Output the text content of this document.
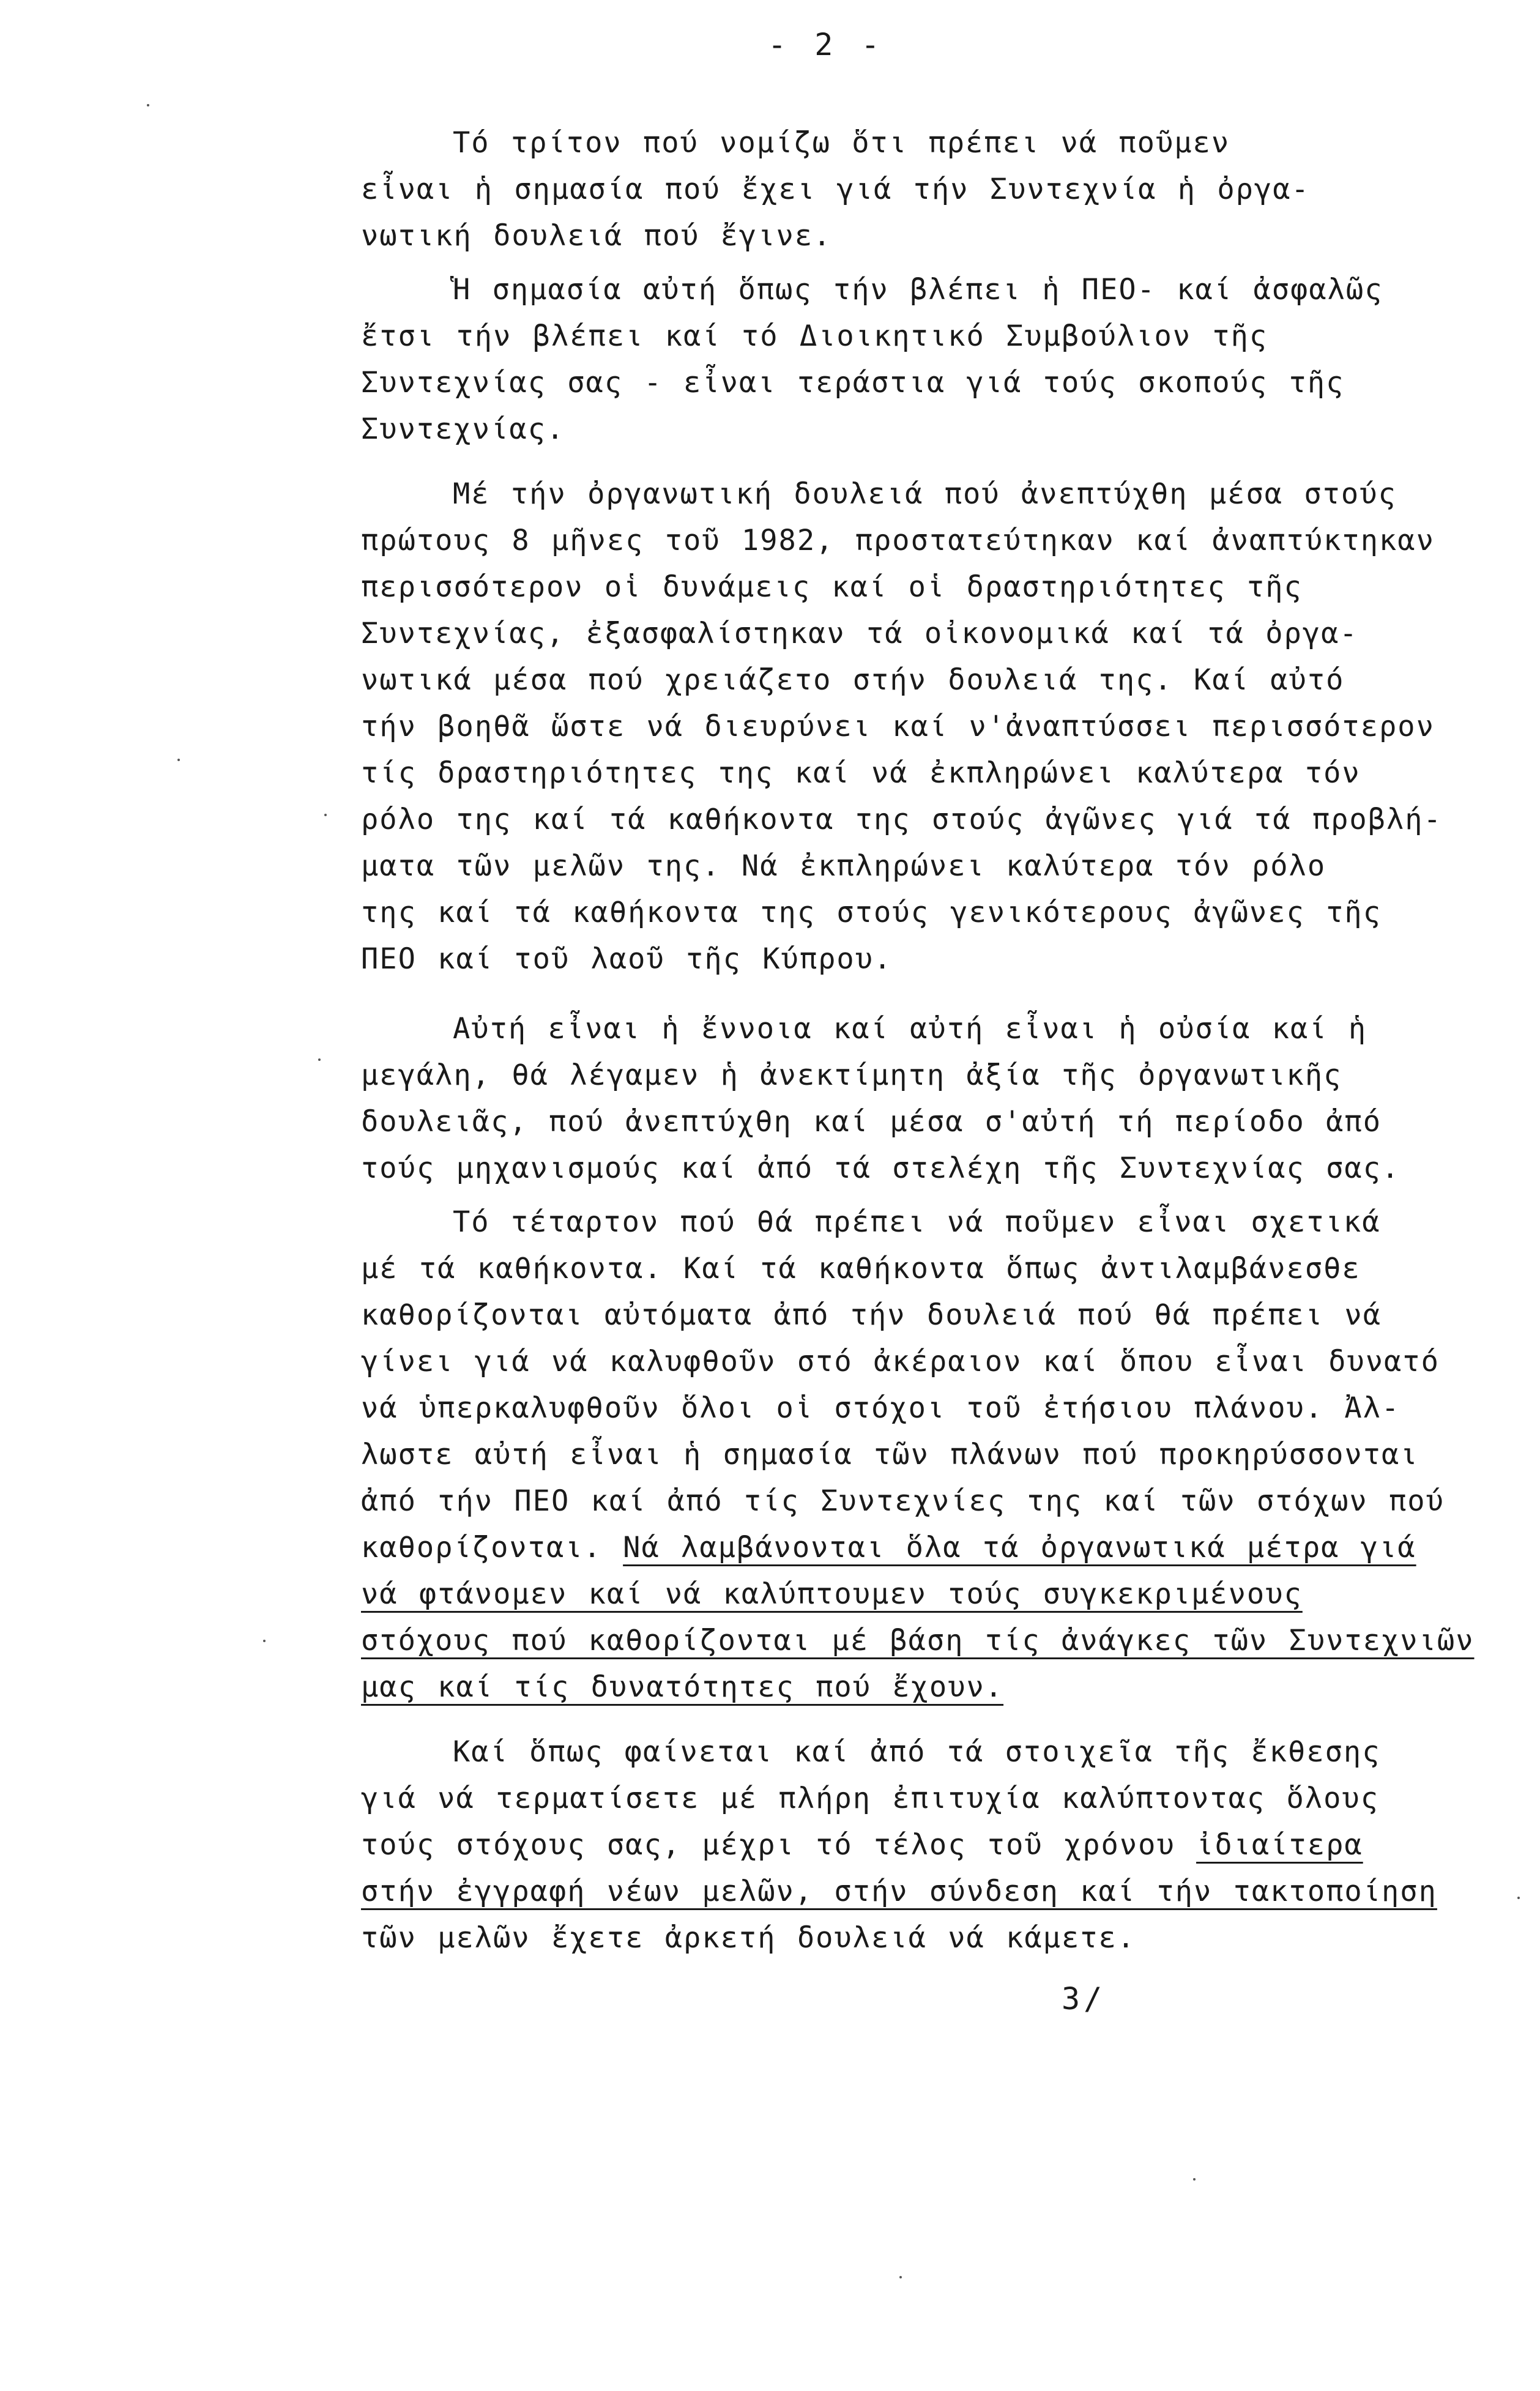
- 2 -
Τό τρίτον πού νομίζω ὅτι πρέπει νά ποῦμεν
εἶναι ἡ σημασία πού ἔχει γιά τήν Συντεχνία ἡ ὀργα-
νωτική δουλειά πού ἔγινε.
Ἡ σημασία αὐτή ὅπως τήν βλέπει ἡ ΠΕΟ- καί ἀσφαλῶς
ἔτσι τήν βλέπει καί τό Διοικητικό Συμβούλιον τῆς
Συντεχνίας σας - εἶναι τεράστια γιά τούς σκοπούς τῆς
Συντεχνίας.
Μέ τήν ὀργανωτική δουλειά πού ἀνεπτύχθη μέσα στούς
πρώτους 8 μῆνες τοῦ 1982, προστατεύτηκαν καί ἀναπτύκτηκαν
περισσότερον οἱ δυνάμεις καί οἱ δραστηριότητες τῆς
Συντεχνίας, ἐξασφαλίστηκαν τά οἰκονομικά καί τά ὀργα-
νωτικά μέσα πού χρειάζετο στήν δουλειά της. Καί αὐτό
τήν βοηθᾶ ὥστε νά διευρύνει καί ν'ἀναπτύσσει περισσότερον
τίς δραστηριότητες της καί νά ἐκπληρώνει καλύτερα τόν
ρόλο της καί τά καθήκοντα της στούς ἀγῶνες γιά τά προβλή-
ματα τῶν μελῶν της. Νά ἐκπληρώνει καλύτερα τόν ρόλο
της καί τά καθήκοντα της στούς γενικότερους ἀγῶνες τῆς
ΠΕΟ καί τοῦ λαοῦ τῆς Κύπρου.
Αὐτή εἶναι ἡ ἔννοια καί αὐτή εἶναι ἡ οὐσία καί ἡ
μεγάλη, θά λέγαμεν ἡ ἀνεκτίμητη ἀξία τῆς ὀργανωτικῆς
δουλειᾶς, πού ἀνεπτύχθη καί μέσα σ'αὐτή τή περίοδο ἀπό
τούς μηχανισμούς καί ἀπό τά στελέχη τῆς Συντεχνίας σας.
Τό τέταρτον πού θά πρέπει νά ποῦμεν εἶναι σχετικά
μέ τά καθήκοντα. Καί τά καθήκοντα ὅπως ἀντιλαμβάνεσθε
καθορίζονται αὐτόματα ἀπό τήν δουλειά πού θά πρέπει νά
γίνει γιά νά καλυφθοῦν στό ἀκέραιον καί ὅπου εἶναι δυνατό
νά ὑπερκαλυφθοῦν ὅλοι οἱ στόχοι τοῦ ἐτήσιου πλάνου. Ἀλ-
λωστε αὐτή εἶναι ἡ σημασία τῶν πλάνων πού προκηρύσσονται
ἀπό τήν ΠΕΟ καί ἀπό τίς Συντεχνίες της καί τῶν στόχων πού
καθορίζονται. Νά λαμβάνονται ὅλα τά ὀργανωτικά μέτρα γιά
νά φτάνομεν καί νά καλύπτουμεν τούς συγκεκριμένους
στόχους πού καθορίζονται μέ βάση τίς ἀνάγκες τῶν Συντεχνιῶν
μας καί τίς δυνατότητες πού ἔχουν.
Καί ὅπως φαίνεται καί ἀπό τά στοιχεῖα τῆς ἔκθεσης
γιά νά τερματίσετε μέ πλήρη ἐπιτυχία καλύπτοντας ὅλους
τούς στόχους σας, μέχρι τό τέλος τοῦ χρόνου ἰδιαίτερα
στήν ἐγγραφή νέων μελῶν, στήν σύνδεση καί τήν τακτοποίηση
τῶν μελῶν ἔχετε ἀρκετή δουλειά νά κάμετε.
3/
